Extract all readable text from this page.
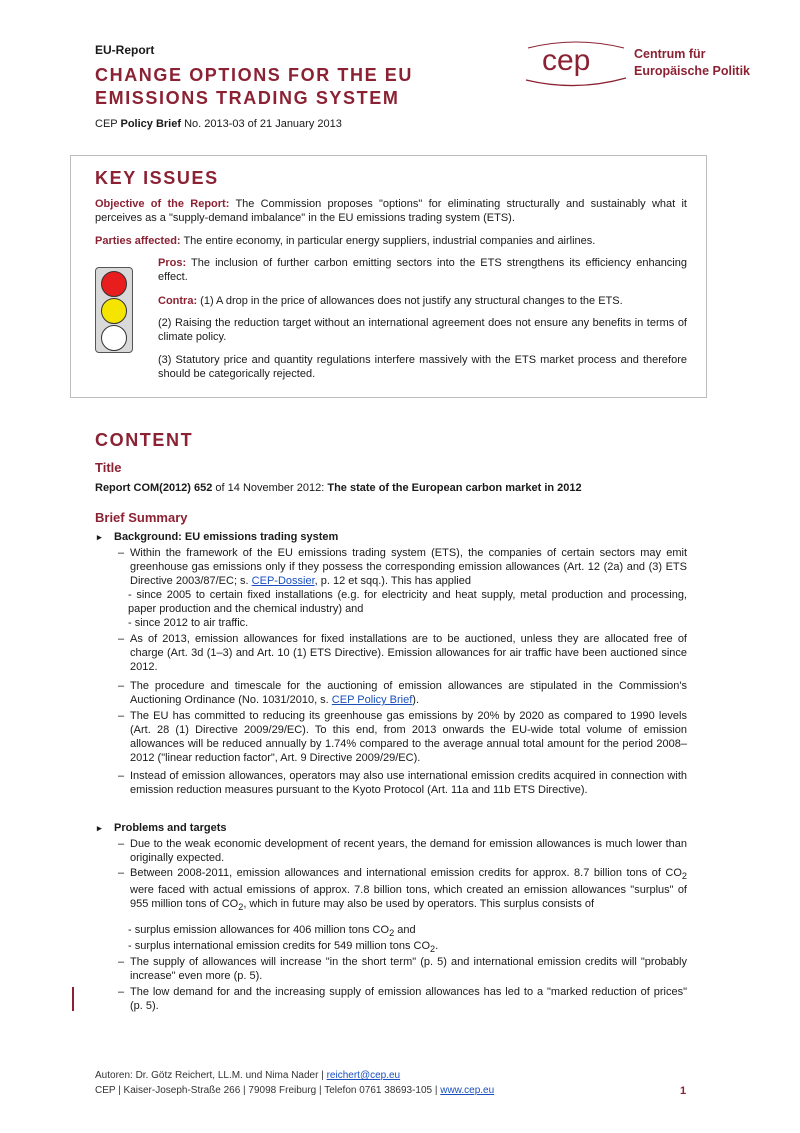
EU-Report
CHANGE OPTIONS FOR THE EU
EMISSIONS TRADING SYSTEM
CEP Policy Brief No. 2013-03 of 21 January 2013
cep	Centrum für
Europäische Politik
KEY ISSUES
Objective of the Report: The Commission proposes "options" for eliminating structurally and sustainably what it perceives as a "supply-demand imbalance" in the EU emissions trading system (ETS).
Parties affected: The entire economy, in particular energy suppliers, industrial companies and airlines.
Pros: The inclusion of further carbon emitting sectors into the ETS strengthens its efficiency enhancing effect.
Contra: (1) A drop in the price of allowances does not justify any structural changes to the ETS.
(2) Raising the reduction target without an international agreement does not ensure any benefits in terms of climate policy.
(3) Statutory price and quantity regulations interfere massively with the ETS market process and therefore should be categorically rejected.
CONTENT
Title
Report COM(2012) 652 of 14 November 2012: The state of the European carbon market in 2012
Brief Summary
▸ Background: EU emissions trading system
– Within the framework of the EU emissions trading system (ETS), the companies of certain sectors may emit greenhouse gas emissions only if they possess the corresponding emission allowances (Art. 12 (2a) and (3) ETS Directive 2003/87/EC; s. CEP-Dossier, p. 12 et sqq.). This has applied
- since 2005 to certain fixed installations (e.g. for electricity and heat supply, metal production and processing, paper production and the chemical industry) and
- since 2012 to air traffic.
– As of 2013, emission allowances for fixed installations are to be auctioned, unless they are allocated free of charge (Art. 3d (1–3) and Art. 10 (1) ETS Directive). Emission allowances for air traffic have been auctioned since 2012.
– The procedure and timescale for the auctioning of emission allowances are stipulated in the Commission's Auctioning Ordinance (No. 1031/2010, s. CEP Policy Brief).
– The EU has committed to reducing its greenhouse gas emissions by 20% by 2020 as compared to 1990 levels (Art. 28 (1) Directive 2009/29/EC). To this end, from 2013 onwards the EU-wide total volume of emission allowances will be reduced annually by 1.74% compared to the average annual total amount for the period 2008–2012 ("linear reduction factor", Art. 9 Directive 2009/29/EC).
– Instead of emission allowances, operators may also use international emission credits acquired in connection with emission reduction measures pursuant to the Kyoto Protocol (Art. 11a and 11b ETS Directive).
▸ Problems and targets
– Due to the weak economic development of recent years, the demand for emission allowances is much lower than originally expected.
– Between 2008-2011, emission allowances and international emission credits for approx. 8.7 billion tons of $CO_2$ were faced with actual emissions of approx. 7.8 billion tons, which created an emission allowances "surplus" of 955 million tons of $CO_2$, which in future may also be used by operators. This surplus consists of
- surplus emission allowances for 406 million tons $CO_2$ and
- surplus international emission credits for 549 million tons $CO_2$.
– The supply of allowances will increase "in the short term" (p. 5) and international emission credits will "probably increase" even more (p. 5).
– The low demand for and the increasing supply of emission allowances has led to a "marked reduction of prices" (p. 5).
Autoren: Dr. Götz Reichert, LL.M. und Nima Nader | reichert@cep.eu
CEP | Kaiser-Joseph-Straße 266 | 79098 Freiburg | Telefon 0761 38693-105 | www.cep.eu	1
